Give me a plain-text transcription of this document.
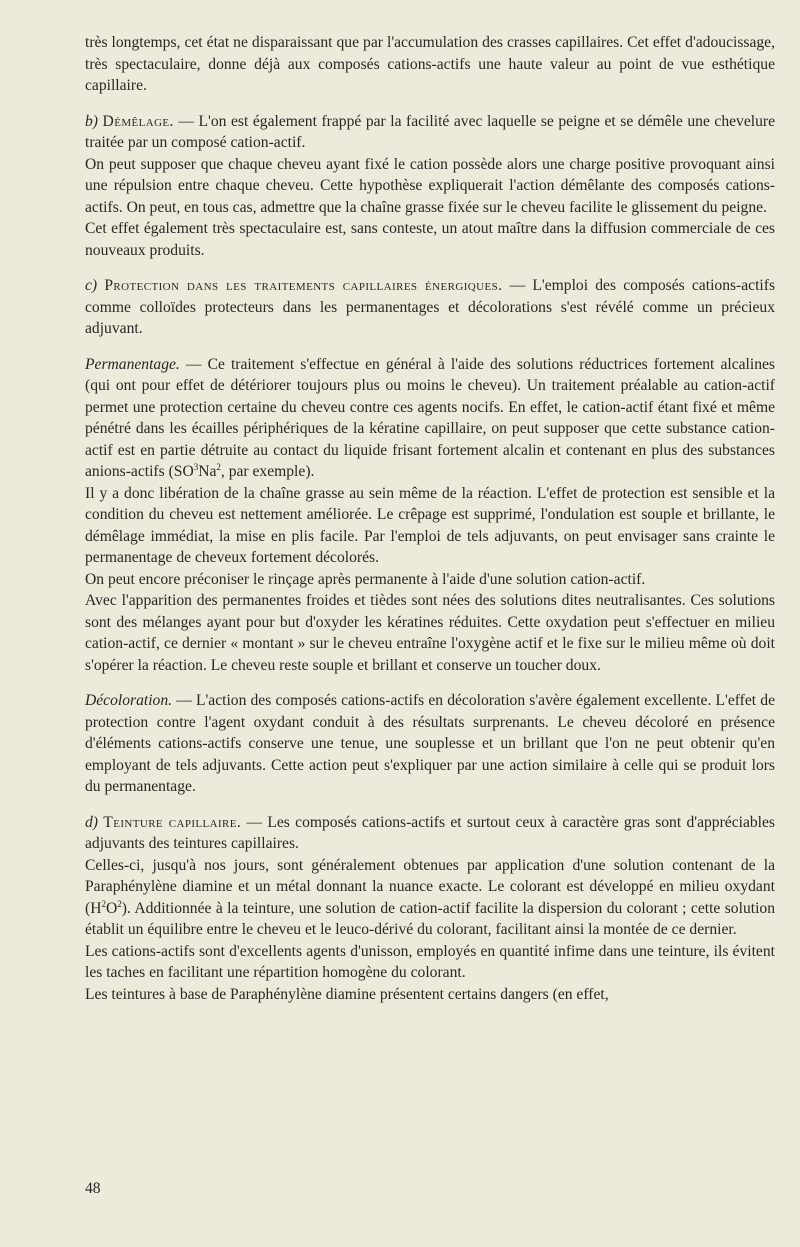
très longtemps, cet état ne disparaissant que par l'accumulation des crasses capillaires. Cet effet d'adoucissage, très spectaculaire, donne déjà aux composés cations-actifs une haute valeur au point de vue esthétique capillaire.

b) Démêlage. — L'on est également frappé par la facilité avec laquelle se peigne et se démêle une chevelure traitée par un composé cation-actif.

On peut supposer que chaque cheveu ayant fixé le cation possède alors une charge positive provoquant ainsi une répulsion entre chaque cheveu. Cette hypothèse expliquerait l'action démêlante des composés cations-actifs. On peut, en tous cas, admettre que la chaîne grasse fixée sur le cheveu facilite le glissement du peigne.

Cet effet également très spectaculaire est, sans conteste, un atout maître dans la diffusion commerciale de ces nouveaux produits.

c) Protection dans les traitements capillaires énergiques. — L'emploi des composés cations-actifs comme colloïdes protecteurs dans les permanentages et décolorations s'est révélé comme un précieux adjuvant.

Permanentage. — Ce traitement s'effectue en général à l'aide des solutions réductrices fortement alcalines (qui ont pour effet de détériorer toujours plus ou moins le cheveu). Un traitement préalable au cation-actif permet une protection certaine du cheveu contre ces agents nocifs. En effet, le cation-actif étant fixé et même pénétré dans les écailles périphériques de la kératine capillaire, on peut supposer que cette substance cation-actif est en partie détruite au contact du liquide frisant fortement alcalin et contenant en plus des substances anions-actifs ($SO^3Na^2$, par exemple).

Il y a donc libération de la chaîne grasse au sein même de la réaction. L'effet de protection est sensible et la condition du cheveu est nettement améliorée. Le crêpage est supprimé, l'ondulation est souple et brillante, le démêlage immédiat, la mise en plis facile. Par l'emploi de tels adjuvants, on peut envisager sans crainte le permanentage de cheveux fortement décolorés.

On peut encore préconiser le rinçage après permanente à l'aide d'une solution cation-actif.

Avec l'apparition des permanentes froides et tièdes sont nées des solutions dites neutralisantes. Ces solutions sont des mélanges ayant pour but d'oxyder les kératines réduites. Cette oxydation peut s'effectuer en milieu cation-actif, ce dernier « montant » sur le cheveu entraîne l'oxygène actif et le fixe sur le milieu même où doit s'opérer la réaction. Le cheveu reste souple et brillant et conserve un toucher doux.

Décoloration. — L'action des composés cations-actifs en décoloration s'avère également excellente. L'effet de protection contre l'agent oxydant conduit à des résultats surprenants. Le cheveu décoloré en présence d'éléments cations-actifs conserve une tenue, une souplesse et un brillant que l'on ne peut obtenir qu'en employant de tels adjuvants. Cette action peut s'expliquer par une action similaire à celle qui se produit lors du permanentage.

d) Teinture capillaire. — Les composés cations-actifs et surtout ceux à caractère gras sont d'appréciables adjuvants des teintures capillaires.

Celles-ci, jusqu'à nos jours, sont généralement obtenues par application d'une solution contenant de la Paraphénylène diamine et un métal donnant la nuance exacte. Le colorant est développé en milieu oxydant $(H^2O^2)$. Additionnée à la teinture, une solution de cation-actif facilite la dispersion du colorant ; cette solution établit un équilibre entre le cheveu et le leuco-dérivé du colorant, facilitant ainsi la montée de ce dernier.

Les cations-actifs sont d'excellents agents d'unisson, employés en quantité infime dans une teinture, ils évitent les taches en facilitant une répartition homogène du colorant.

Les teintures à base de Paraphénylène diamine présentent certains dangers (en effet,

48
